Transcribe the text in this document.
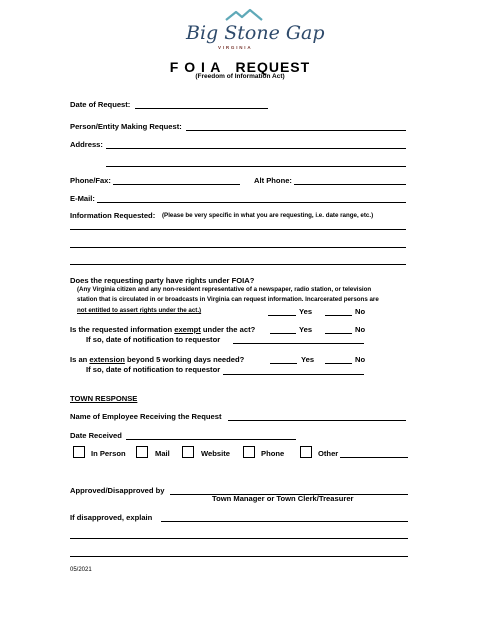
Big Stone Gap
VIRGINIA
F O I A   REQUEST
(Freedom of Information Act)
Date of Request:
Person/Entity Making Request:
Address:
Phone/Fax:	Alt Phone:
E-Mail:
Information Requested: (Please be very specific in what you are requesting, i.e. date range, etc.)
Does the requesting party have rights under FOIA?
(Any Virginia citizen and any non-resident representative of a newspaper, radio station, or television
station that is circulated in or broadcasts in Virginia can request information. Incarcerated persons are
not entitled to assert rights under the act.)	Yes	No
Is the requested information exempt under the act?	Yes	No
If so, date of notification to requestor
Is an extension beyond 5 working days needed?	Yes	No
If so, date of notification to requestor
TOWN RESPONSE
Name of Employee Receiving the Request
Date Received
In Person	Mail	Website	Phone	Other
Approved/Disapproved by
Town Manager or Town Clerk/Treasurer
If disapproved, explain
05/2021
